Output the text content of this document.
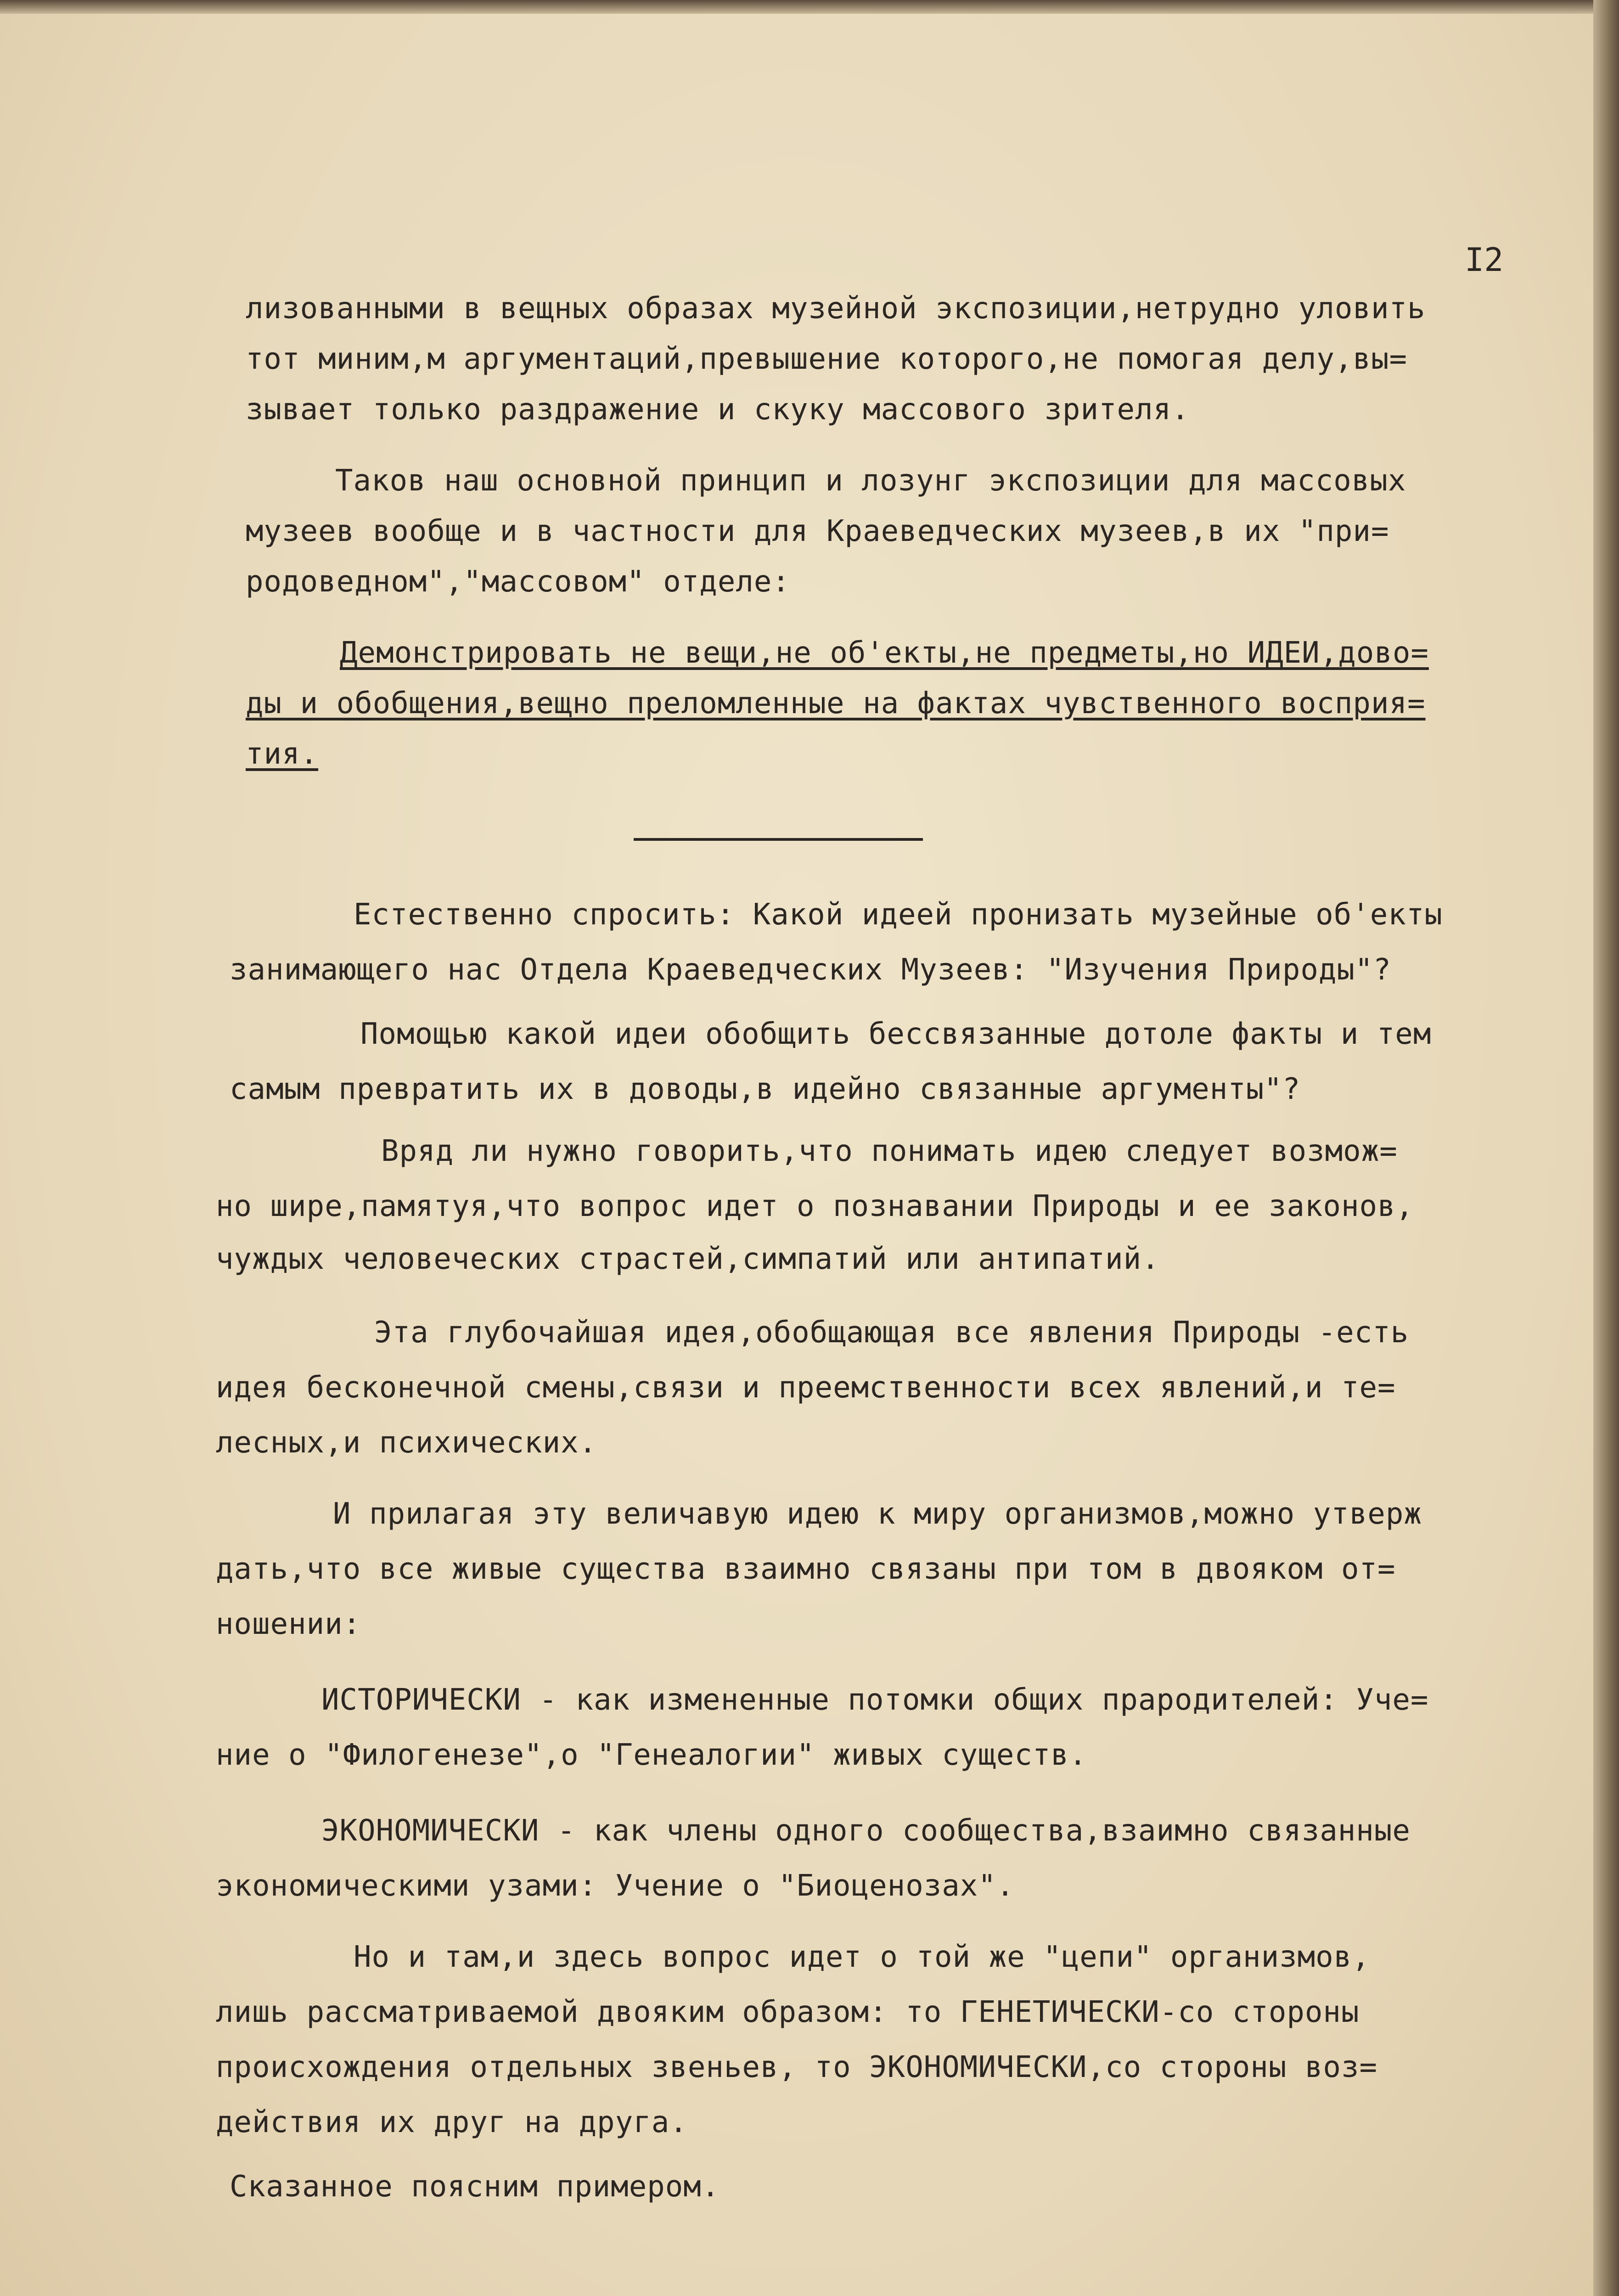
I2

лизованными в вещных образах музейной экспозиции,нетрудно уловить

тот миним,м аргументаций,превышение которого,не помогая делу,вы=

зывает только раздражение и скуку массового зрителя.

Таков наш основной принцип и лозунг экспозиции для массовых

музеев вообще и в частности для Краеведческих музеев,в их "при=

родоведном","массовом" отделе:

Демонстрировать не вещи,не об'екты,не предметы,но ИДЕИ,дово=

ды и обобщения,вещно преломленные на фактах чувственного восприя=

тия.

Естественно спросить: Какой идеей пронизать музейные об'екты

занимающего нас Отдела Краеведческих Музеев: "Изучения Природы"?

Помощью какой идеи обобщить бессвязанные дотоле факты и тем

самым превратить их в доводы,в идейно связанные аргументы"?

Вряд ли нужно говорить,что понимать идею следует возмож=

но шире,памятуя,что вопрос идет о познавании Природы и ее законов,

чуждых человеческих страстей,симпатий или антипатий.

Эта глубочайшая идея,обобщающая все явления Природы -есть

идея бесконечной смены,связи и преемственности всех явлений,и те=

лесных,и психических.

И прилагая эту величавую идею к миру организмов,можно утверж

дать,что все живые существа взаимно связаны при том в двояком от=

ношении:

ИСТОРИЧЕСКИ - как измененные потомки общих прародителей: Уче=

ние о "Филогенезе",о "Генеалогии" живых существ.

ЭКОНОМИЧЕСКИ - как члены одного сообщества,взаимно связанные

экономическими узами: Учение о "Биоценозах".

Но и там,и здесь вопрос идет о той же "цепи" организмов,

лишь рассматриваемой двояким образом: то ГЕНЕТИЧЕСКИ-со стороны

происхождения отдельных звеньев, то ЭКОНОМИЧЕСКИ,со стороны воз=

действия их друг на друга.

Сказанное поясним примером.
